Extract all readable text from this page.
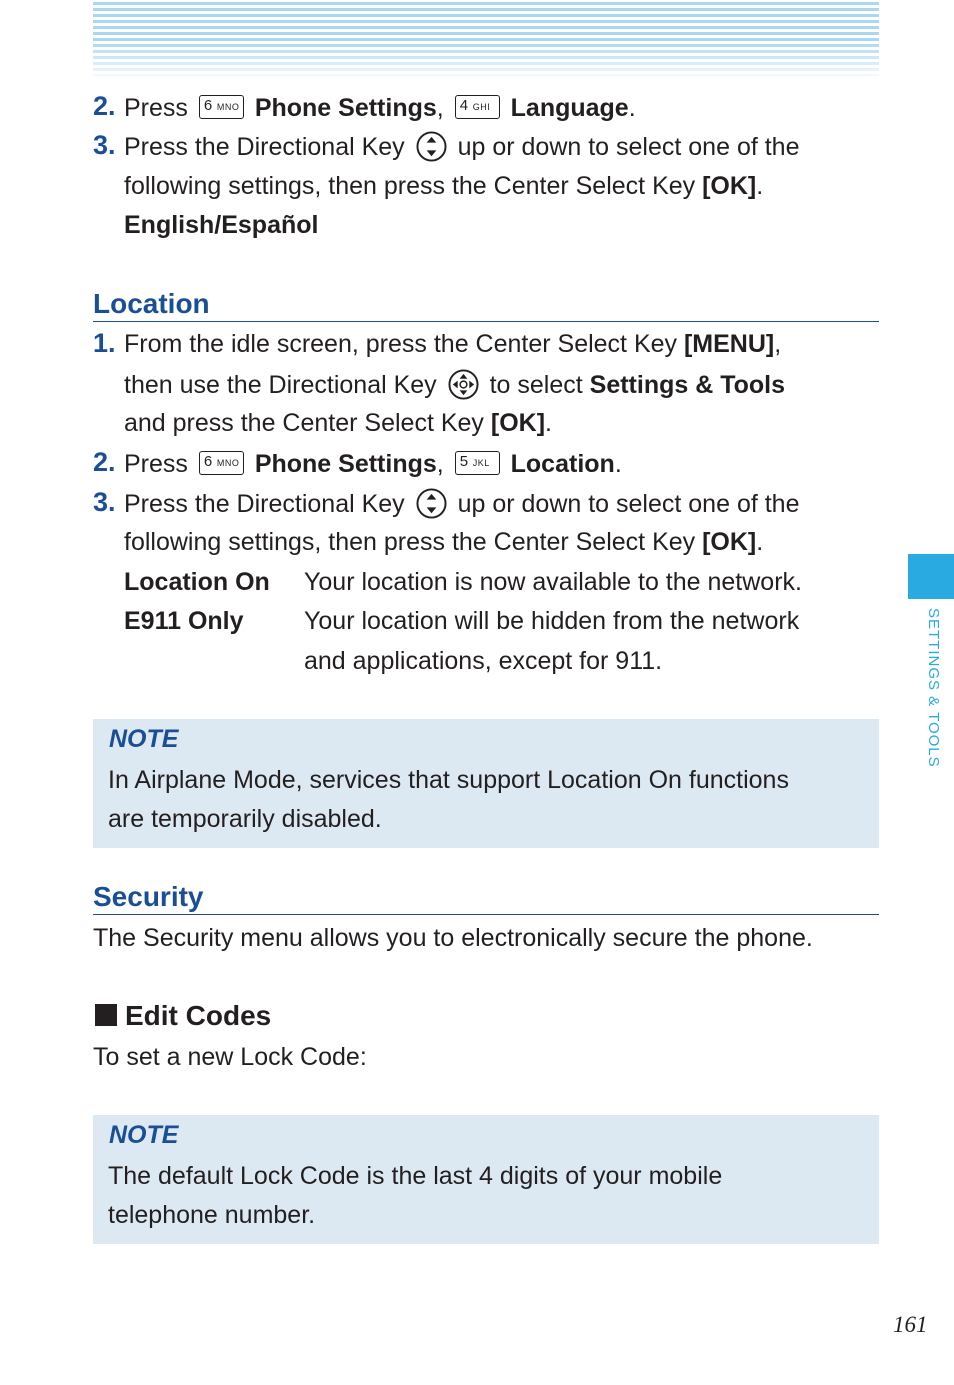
2. Press 6 MNO Phone Settings, 4 GHI Language.
3. Press the Directional Key up or down to select one of the
following settings, then press the Center Select Key [OK].
English/Español
Location
1. From the idle screen, press the Center Select Key [MENU],
then use the Directional Key to select Settings & Tools
and press the Center Select Key [OK].
2. Press 6 MNO Phone Settings, 5 JKL Location.
3. Press the Directional Key up or down to select one of the
following settings, then press the Center Select Key [OK].
Location On Your location is now available to the network.
E911 Only Your location will be hidden from the network
and applications, except for 911.
NOTE
In Airplane Mode, services that support Location On functions
are temporarily disabled.
Security
The Security menu allows you to electronically secure the phone.
Edit Codes
To set a new Lock Code:
NOTE
The default Lock Code is the last 4 digits of your mobile
telephone number.
SETTINGS & TOOLS
161
